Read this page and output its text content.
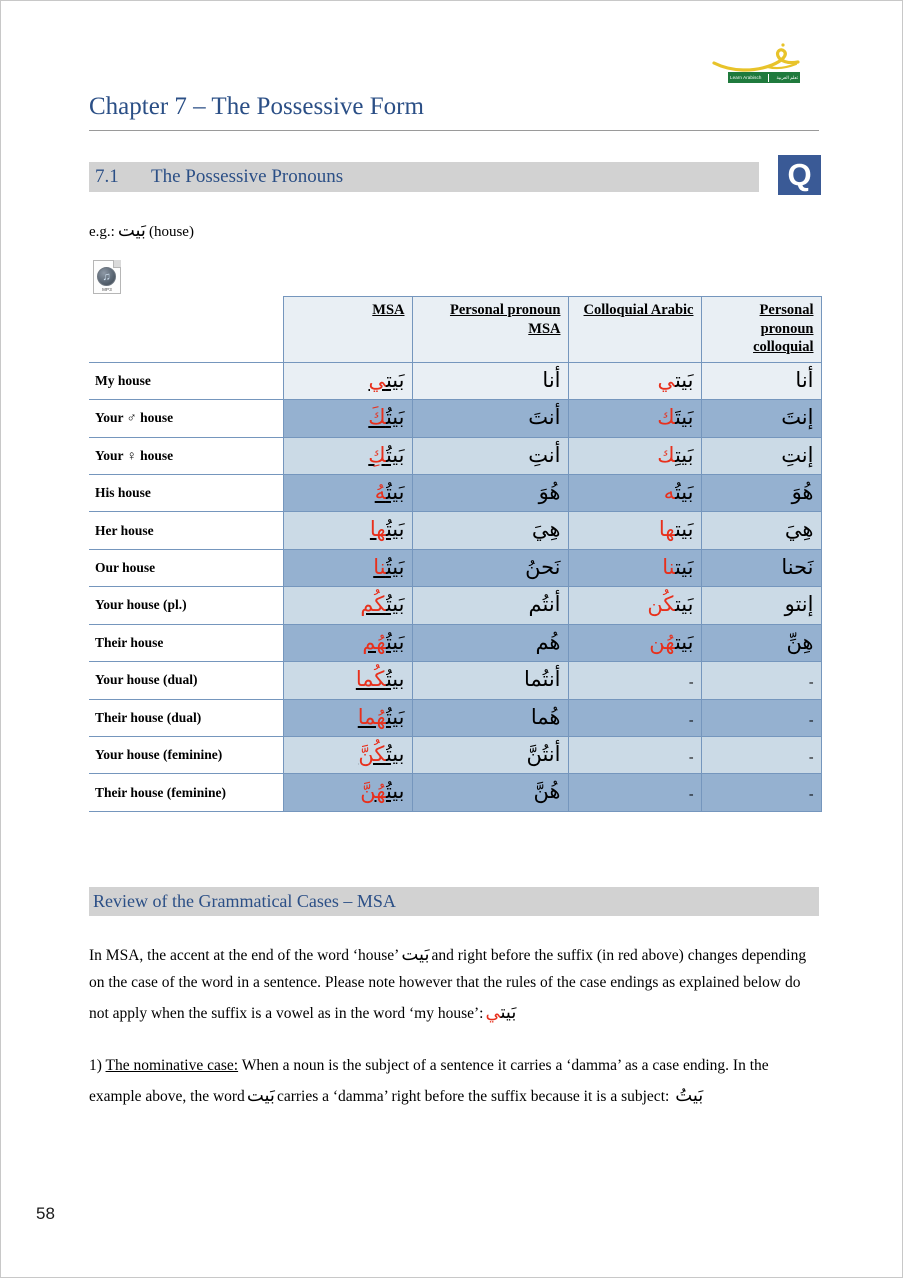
Learn Arabisch	تعلم العربية
Chapter 7 – The Possessive Form
7.1	The Possessive Pronouns	Q
e.g.: بَيت (house)
♫
MP3
	MSA	Personal pronoun MSA	Colloquial Arabic	Personal pronoun colloquial
My house	بَيتي	أنا	بَيتي	أنا
Your ♂ house	بَيتُكَ	أنتَ	بَيتَك	إنتَ
Your ♀ house	بَيتُكِ	أنتِ	بَيتِك	إنتِ
His house	بَيتُهُ	هُوَ	بَيتُه	هُوَ
Her house	بَيتُها	هِيَ	بَيتها	هِيَ
Our house	بَيتُنا	نَحنُ	بَيتنا	نَحنا
Your house (pl.)	بَيتُكُم	أنتُم	بَيتكُن	إنتو
Their house	بَيتُهُم	هُم	بَيتهُن	هِنِّ
Your house (dual)	بيتُكُما	أنتُما	-	-
Their house (dual)	بَيتُهُما	هُما	-	-
Your house (feminine)	بيتُكُنَّ	أنتُنَّ	-	-
Their house (feminine)	بيتُهُنَّ	هُنَّ	-	-
Review of the Grammatical Cases – MSA
In MSA, the accent at the end of the word ‘house’ بَيت and right before the suffix (in red above) changes depending on the case of the word in a sentence. Please note however that the rules of the case endings as explained below do not apply when the suffix is a vowel as in the word ‘my house’: بَيتي
1) The nominative case: When a noun is the subject of a sentence it carries a ‘damma’ as a case ending. In the example above, the word بَيت carries a ‘damma’ right before the suffix because it is a subject: بَيت
58
